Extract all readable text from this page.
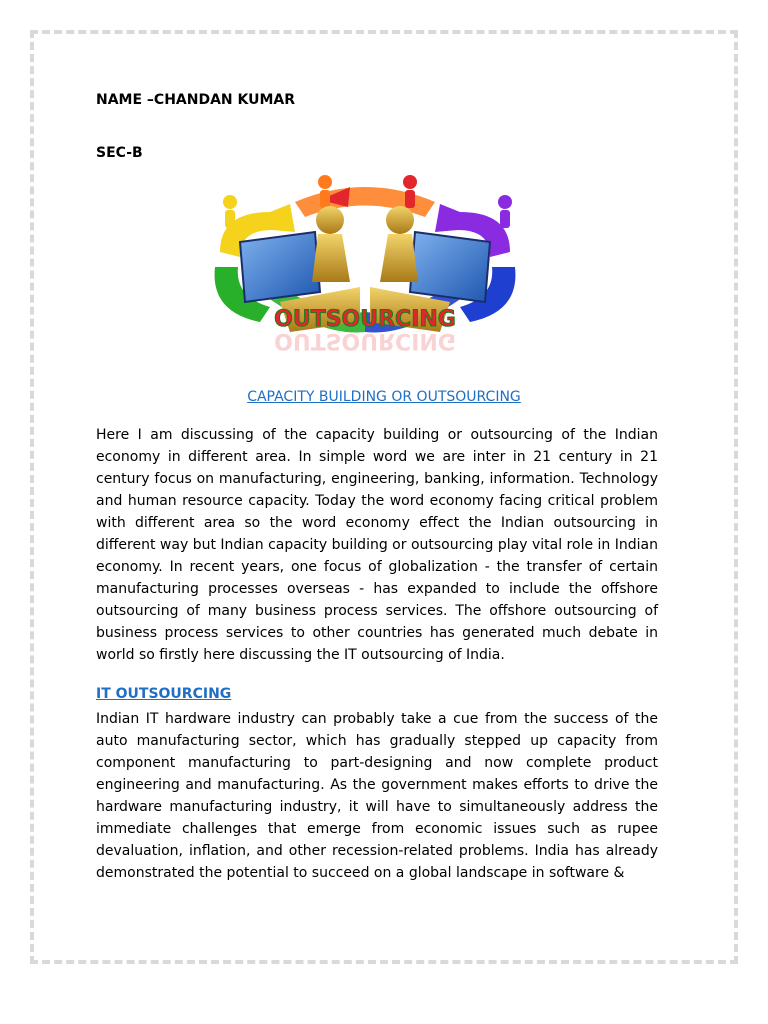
NAME –CHANDAN KUMAR
SEC-B
OUTSOURCING
OUTSOURCING
CAPACITY BUILDING OR OUTSOURCING
Here I am discussing of the capacity building or outsourcing of the Indian economy in different area. In simple word we are inter in 21 century in 21 century focus on manufacturing, engineering, banking, information. Technology and human resource capacity. Today the word economy facing critical problem with different area so the word economy effect the Indian outsourcing in different way but Indian capacity building or outsourcing play vital role in Indian economy. In recent years, one focus of globalization - the transfer of certain manufacturing processes overseas - has expanded to include the offshore outsourcing of many business process services. The offshore outsourcing of business process services to other countries has generated much debate in world so firstly here discussing the IT outsourcing of India.
IT OUTSOURCING
Indian IT hardware industry can probably take a cue from the success of the auto manufacturing sector, which has gradually stepped up capacity from component manufacturing to part-designing and now complete product engineering and manufacturing. As the government makes efforts to drive the hardware manufacturing industry, it will have to simultaneously address the immediate challenges that emerge from economic issues such as rupee devaluation, inflation, and other recession-related problems. India has already demonstrated the potential to succeed on a global landscape in software &
